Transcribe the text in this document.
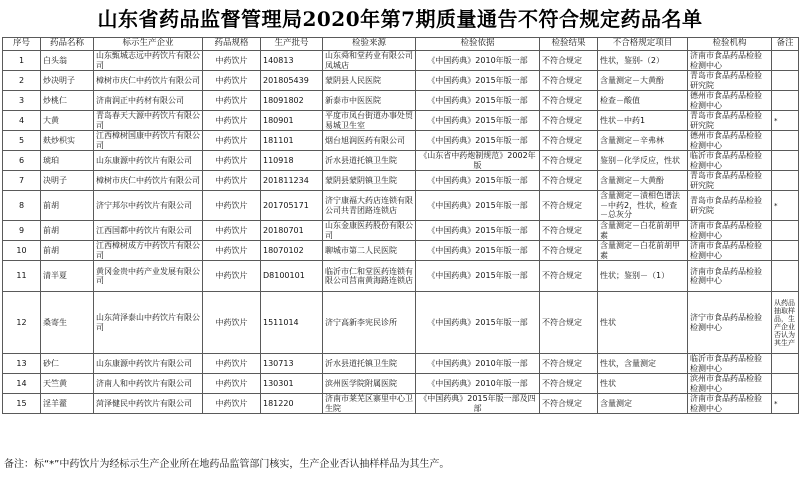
山东省药品监督管理局2020年第7期质量通告不符合规定药品名单
序号	药品名称	标示生产企业	药品规格	生产批号	检验来源	检验依据	检验结果	不合格规定项目	检验机构	备注
1	白头翁	山东甄城志远中药饮片有限公司	中药饮片	140813	山东舜和堂药业有限公司凤城店	《中国药典》2010年版一部	不符合规定	性状，鉴别-（2）	济南市食品药品检验检测中心	
2	炒决明子	樟树市庆仁中药饮片有限公司	中药饮片	201805439	蒙阴县人民医院	《中国药典》2015年版一部	不符合规定	含量测定－大黄酚	青岛市食品药品检验研究院	
3	炒桃仁	济南润正中药材有限公司	中药饮片	18091802	新泰市中医医院	《中国药典》2015年版一部	不符合规定	检查－酸值	德州市食品药品检验检测中心	
4	大黄	青岛春天大源中药饮片有限公司	中药饮片	180901	平度市凤台街道办事处贸易城卫生室	《中国药典》2015年版一部	不符合规定	性状－中药1	青岛市食品药品检验研究院	*
5	麸炒枳实	江西樟树国康中药饮片有限公司	中药饮片	181101	烟台旭润医药有限公司	《中国药典》2015年版一部	不符合规定	含量测定－辛弗林	德州市食品药品检验检测中心	
6	琥珀	山东康源中药饮片有限公司	中药饮片	110918	沂水县道托镇卫生院	《山东省中药炮制规范》2002年版	不符合规定	鉴别－化学反应，性状	临沂市食品药品检验检测中心	
7	决明子	樟树市庆仁中药饮片有限公司	中药饮片	201811234	蒙阴县蒙阴镇卫生院	《中国药典》2015年版一部	不符合规定	含量测定－大黄酚	青岛市食品药品检验研究院	
8	前胡	济宁邦尔中药饮片有限公司	中药饮片	201705171	济宁康福大药店连锁有限公司共青团路连锁店	《中国药典》2015年版一部	不符合规定	含量测定－渍相色谱法－中药2，性状，检查－总灰分	青岛市食品药品检验研究院	*
9	前胡	江西国都中药饮片有限公司	中药饮片	20180701	山东金康医药股份有限公司	《中国药典》2015年版一部	不符合规定	含量测定－白花前胡甲素	济南市食品药品检验检测中心	
10	前胡	江西樟树成方中药饮片有限公司	中药饮片	18070102	聊城市第二人民医院	《中国药典》2015年版一部	不符合规定	含量测定－白花前胡甲素	济南市食品药品检验检测中心	
11	清半夏	黄冈金贵中药产业发展有限公司	中药饮片	D8100101	临沂市仁和堂医药连锁有限公司莒南黄海路连锁店	《中国药典》2015年版一部	不符合规定	性状；鉴别－（1）	济南市食品药品检验检测中心	
12	桑寄生	山东菏泽泰山中药饮片有限公司	中药饮片	1511014	济宁高新李宪民诊所	《中国药典》2015年版一部	不符合规定	性状	济宁市食品药品检验检测中心	从药品抽取样品，生产企业否认为其生产
13	砂仁	山东康源中药饮片有限公司	中药饮片	130713	沂水县道托镇卫生院	《中国药典》2010年版一部	不符合规定	性状，含量测定	临沂市食品药品检验检测中心	
14	天竺黄	济南人和中药饮片有限公司	中药饮片	130301	滨州医学院附属医院	《中国药典》2010年版一部	不符合规定	性状	滨州市食品药品检验检测中心	
15	淫羊藿	菏泽健民中药饮片有限公司	中药饮片	181220	济南市莱芜区寨里中心卫生院	《中国药典》2015年版一部及四部	不符合规定	含量测定	济南市食品药品检验检测中心	*
备注：标“*”中药饮片为经标示生产企业所在地药品监管部门核实，生产企业否认抽样样品为其生产。
